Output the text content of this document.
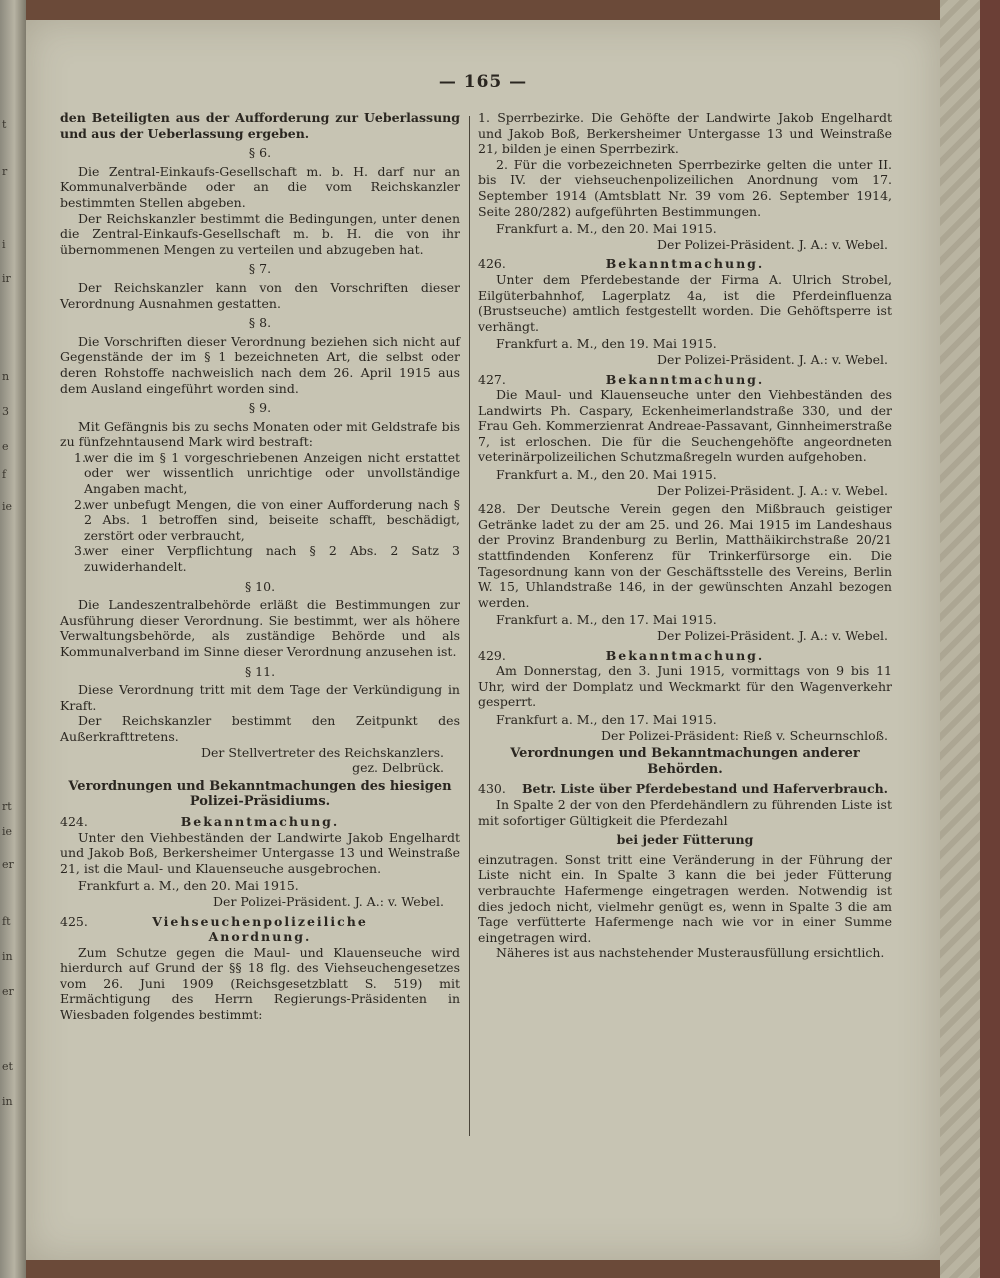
t
r
i
ir
n
3
e
f
ie
rt
ie
er
ft
in
er
et
in
— 165 —

den Beteiligten aus der Aufforderung zur Ueberlassung und aus der Ueberlassung ergeben.

§ 6.

Die Zentral-Einkaufs-Gesellschaft m. b. H. darf nur an Kommunalverbände oder an die vom Reichskanzler bestimmten Stellen abgeben.

Der Reichskanzler bestimmt die Bedingungen, unter denen die Zentral-Einkaufs-Gesellschaft m. b. H. die von ihr übernommenen Mengen zu verteilen und abzugeben hat.

§ 7.

Der Reichskanzler kann von den Vorschriften dieser Verordnung Ausnahmen gestatten.

§ 8.

Die Vorschriften dieser Verordnung beziehen sich nicht auf Gegenstände der im § 1 bezeichneten Art, die selbst oder deren Rohstoffe nachweislich nach dem 26. April 1915 aus dem Ausland eingeführt worden sind.

§ 9.

Mit Gefängnis bis zu sechs Monaten oder mit Geldstrafe bis zu fünfzehntausend Mark wird bestraft:

1.
wer die im § 1 vorgeschriebenen Anzeigen nicht erstattet oder wer wissentlich unrichtige oder unvollständige Angaben macht,
2.
wer unbefugt Mengen, die von einer Aufforderung nach § 2 Abs. 1 betroffen sind, beiseite schafft, beschädigt, zerstört oder verbraucht,
3.
wer einer Verpflichtung nach § 2 Abs. 2 Satz 3 zuwiderhandelt.

§ 10.

Die Landeszentralbehörde erläßt die Bestimmungen zur Ausführung dieser Verordnung. Sie bestimmt, wer als höhere Verwaltungsbehörde, als zuständige Behörde und als Kommunalverband im Sinne dieser Verordnung anzusehen ist.

§ 11.

Diese Verordnung tritt mit dem Tage der Verkündigung in Kraft.

Der Reichskanzler bestimmt den Zeitpunkt des Außerkrafttretens.

Der Stellvertreter des Reichskanzlers.

gez. Delbrück.

Verordnungen und Bekanntmachungen des hiesigen Polizei-Präsidiums.

424.	Bekanntmachung.

Unter den Viehbeständen der Landwirte Jakob Engelhardt und Jakob Boß, Berkersheimer Untergasse 13 und Weinstraße 21, ist die Maul- und Klauenseuche ausgebrochen.

Frankfurt a. M., den 20. Mai 1915.

Der Polizei-Präsident. J. A.: v. Webel.

425.	Viehseuchenpolizeiliche Anordnung.

Zum Schutze gegen die Maul- und Klauenseuche wird hierdurch auf Grund der §§ 18 flg. des Viehseuchengesetzes vom 26. Juni 1909 (Reichsgesetzblatt S. 519) mit Ermächtigung des Herrn Regierungs-Präsidenten in Wiesbaden folgendes bestimmt:

1. Sperrbezirke. Die Gehöfte der Landwirte Jakob Engelhardt und Jakob Boß, Berkersheimer Untergasse 13 und Weinstraße 21, bilden je einen Sperrbezirk.

2. Für die vorbezeichneten Sperrbezirke gelten die unter II. bis IV. der viehseuchenpolizeilichen Anordnung vom 17. September 1914 (Amtsblatt Nr. 39 vom 26. September 1914, Seite 280/282) aufgeführten Bestimmungen.

Frankfurt a. M., den 20. Mai 1915.

Der Polizei-Präsident. J. A.: v. Webel.

426.	Bekanntmachung.

Unter dem Pferdebestande der Firma A. Ulrich Strobel, Eilgüterbahnhof, Lagerplatz 4a, ist die Pferdeinfluenza (Brustseuche) amtlich festgestellt worden. Die Gehöftsperre ist verhängt.

Frankfurt a. M., den 19. Mai 1915.

Der Polizei-Präsident. J. A.: v. Webel.

427.	Bekanntmachung.

Die Maul- und Klauenseuche unter den Viehbeständen des Landwirts Ph. Caspary, Eckenheimerlandstraße 330, und der Frau Geh. Kommerzienrat Andreae-Passavant, Ginnheimerstraße 7, ist erloschen. Die für die Seuchengehöfte angeordneten veterinärpolizeilichen Schutzmaßregeln wurden aufgehoben.

Frankfurt a. M., den 20. Mai 1915.

Der Polizei-Präsident. J. A.: v. Webel.

428. Der Deutsche Verein gegen den Mißbrauch geistiger Getränke ladet zu der am 25. und 26. Mai 1915 im Landeshaus der Provinz Brandenburg zu Berlin, Matthäikirchstraße 20/21 stattfindenden Konferenz für Trinkerfürsorge ein. Die Tagesordnung kann von der Geschäftsstelle des Vereins, Berlin W. 15, Uhlandstraße 146, in der gewünschten Anzahl bezogen werden.

Frankfurt a. M., den 17. Mai 1915.

Der Polizei-Präsident. J. A.: v. Webel.

429.	Bekanntmachung.

Am Donnerstag, den 3. Juni 1915, vormittags von 9 bis 11 Uhr, wird der Domplatz und Weckmarkt für den Wagenverkehr gesperrt.

Frankfurt a. M., den 17. Mai 1915.

Der Polizei-Präsident: Rieß v. Scheurnschloß.

Verordnungen und Bekanntmachungen anderer Behörden.

430.	Betr. Liste über Pferdebestand und Haferverbrauch.

In Spalte 2 der von den Pferdehändlern zu führenden Liste ist mit sofortiger Gültigkeit die Pferdezahl

bei jeder Fütterung

einzutragen. Sonst tritt eine Veränderung in der Führung der Liste nicht ein. In Spalte 3 kann die bei jeder Fütterung verbrauchte Hafermenge eingetragen werden. Notwendig ist dies jedoch nicht, vielmehr genügt es, wenn in Spalte 3 die am Tage verfütterte Hafermenge nach wie vor in einer Summe eingetragen wird.

Näheres ist aus nachstehender Musterausfüllung ersichtlich.
